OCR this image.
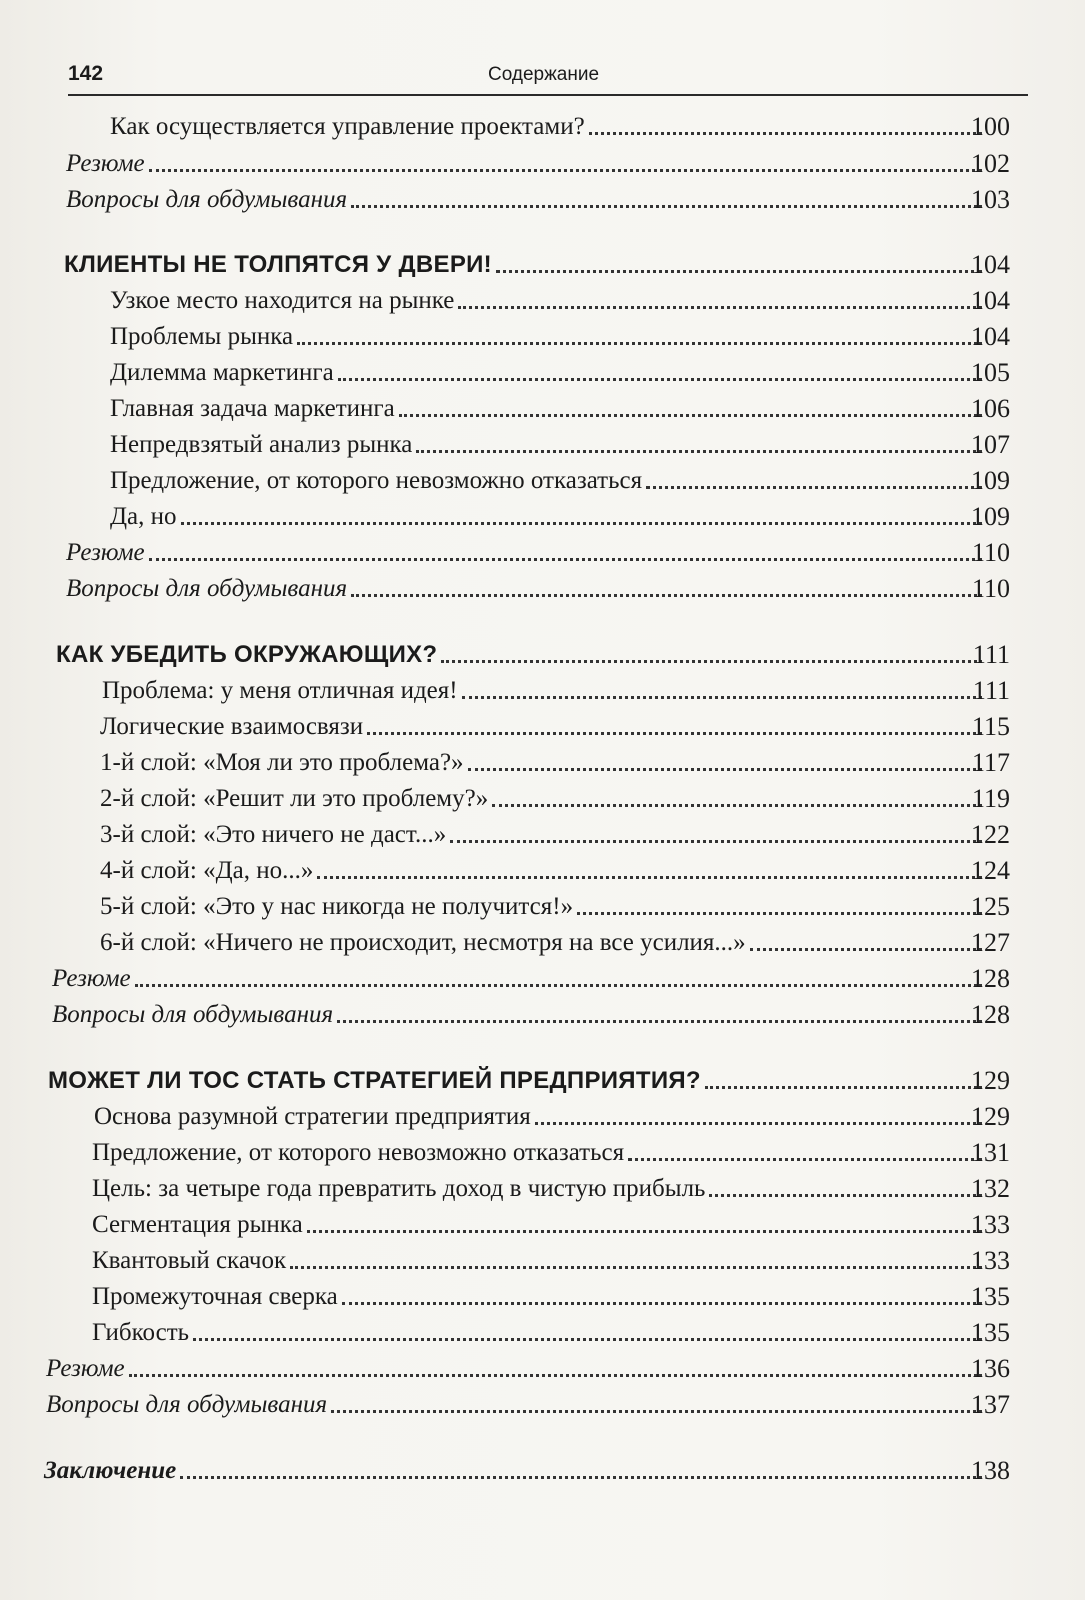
142	Содержание
Как осуществляется управление проектами?	100
Резюме	102
Вопросы для обдумывания	103
КЛИЕНТЫ НЕ ТОЛПЯТСЯ У ДВЕРИ!	104
Узкое место находится на рынке	104
Проблемы рынка	104
Дилемма маркетинга	105
Главная задача маркетинга	106
Непредвзятый анализ рынка	107
Предложение, от которого невозможно отказаться	109
Да, но	109
Резюме	110
Вопросы для обдумывания	110
КАК УБЕДИТЬ ОКРУЖАЮЩИХ?	111
Проблема: у меня отличная идея!	111
Логические взаимосвязи	115
1-й слой: «Моя ли это проблема?»	117
2-й слой: «Решит ли это проблему?»	119
3-й слой: «Это ничего не даст...»	122
4-й слой: «Да, но...»	124
5-й слой: «Это у нас никогда не получится!»	125
6-й слой: «Ничего не происходит, несмотря на все усилия...»	127
Резюме	128
Вопросы для обдумывания	128
МОЖЕТ ЛИ ТОС СТАТЬ СТРАТЕГИЕЙ ПРЕДПРИЯТИЯ?	129
Основа разумной стратегии предприятия	129
Предложение, от которого невозможно отказаться	131
Цель: за четыре года превратить доход в чистую прибыль	132
Сегментация рынка	133
Квантовый скачок	133
Промежуточная сверка	135
Гибкость	135
Резюме	136
Вопросы для обдумывания	137
Заключение	138
